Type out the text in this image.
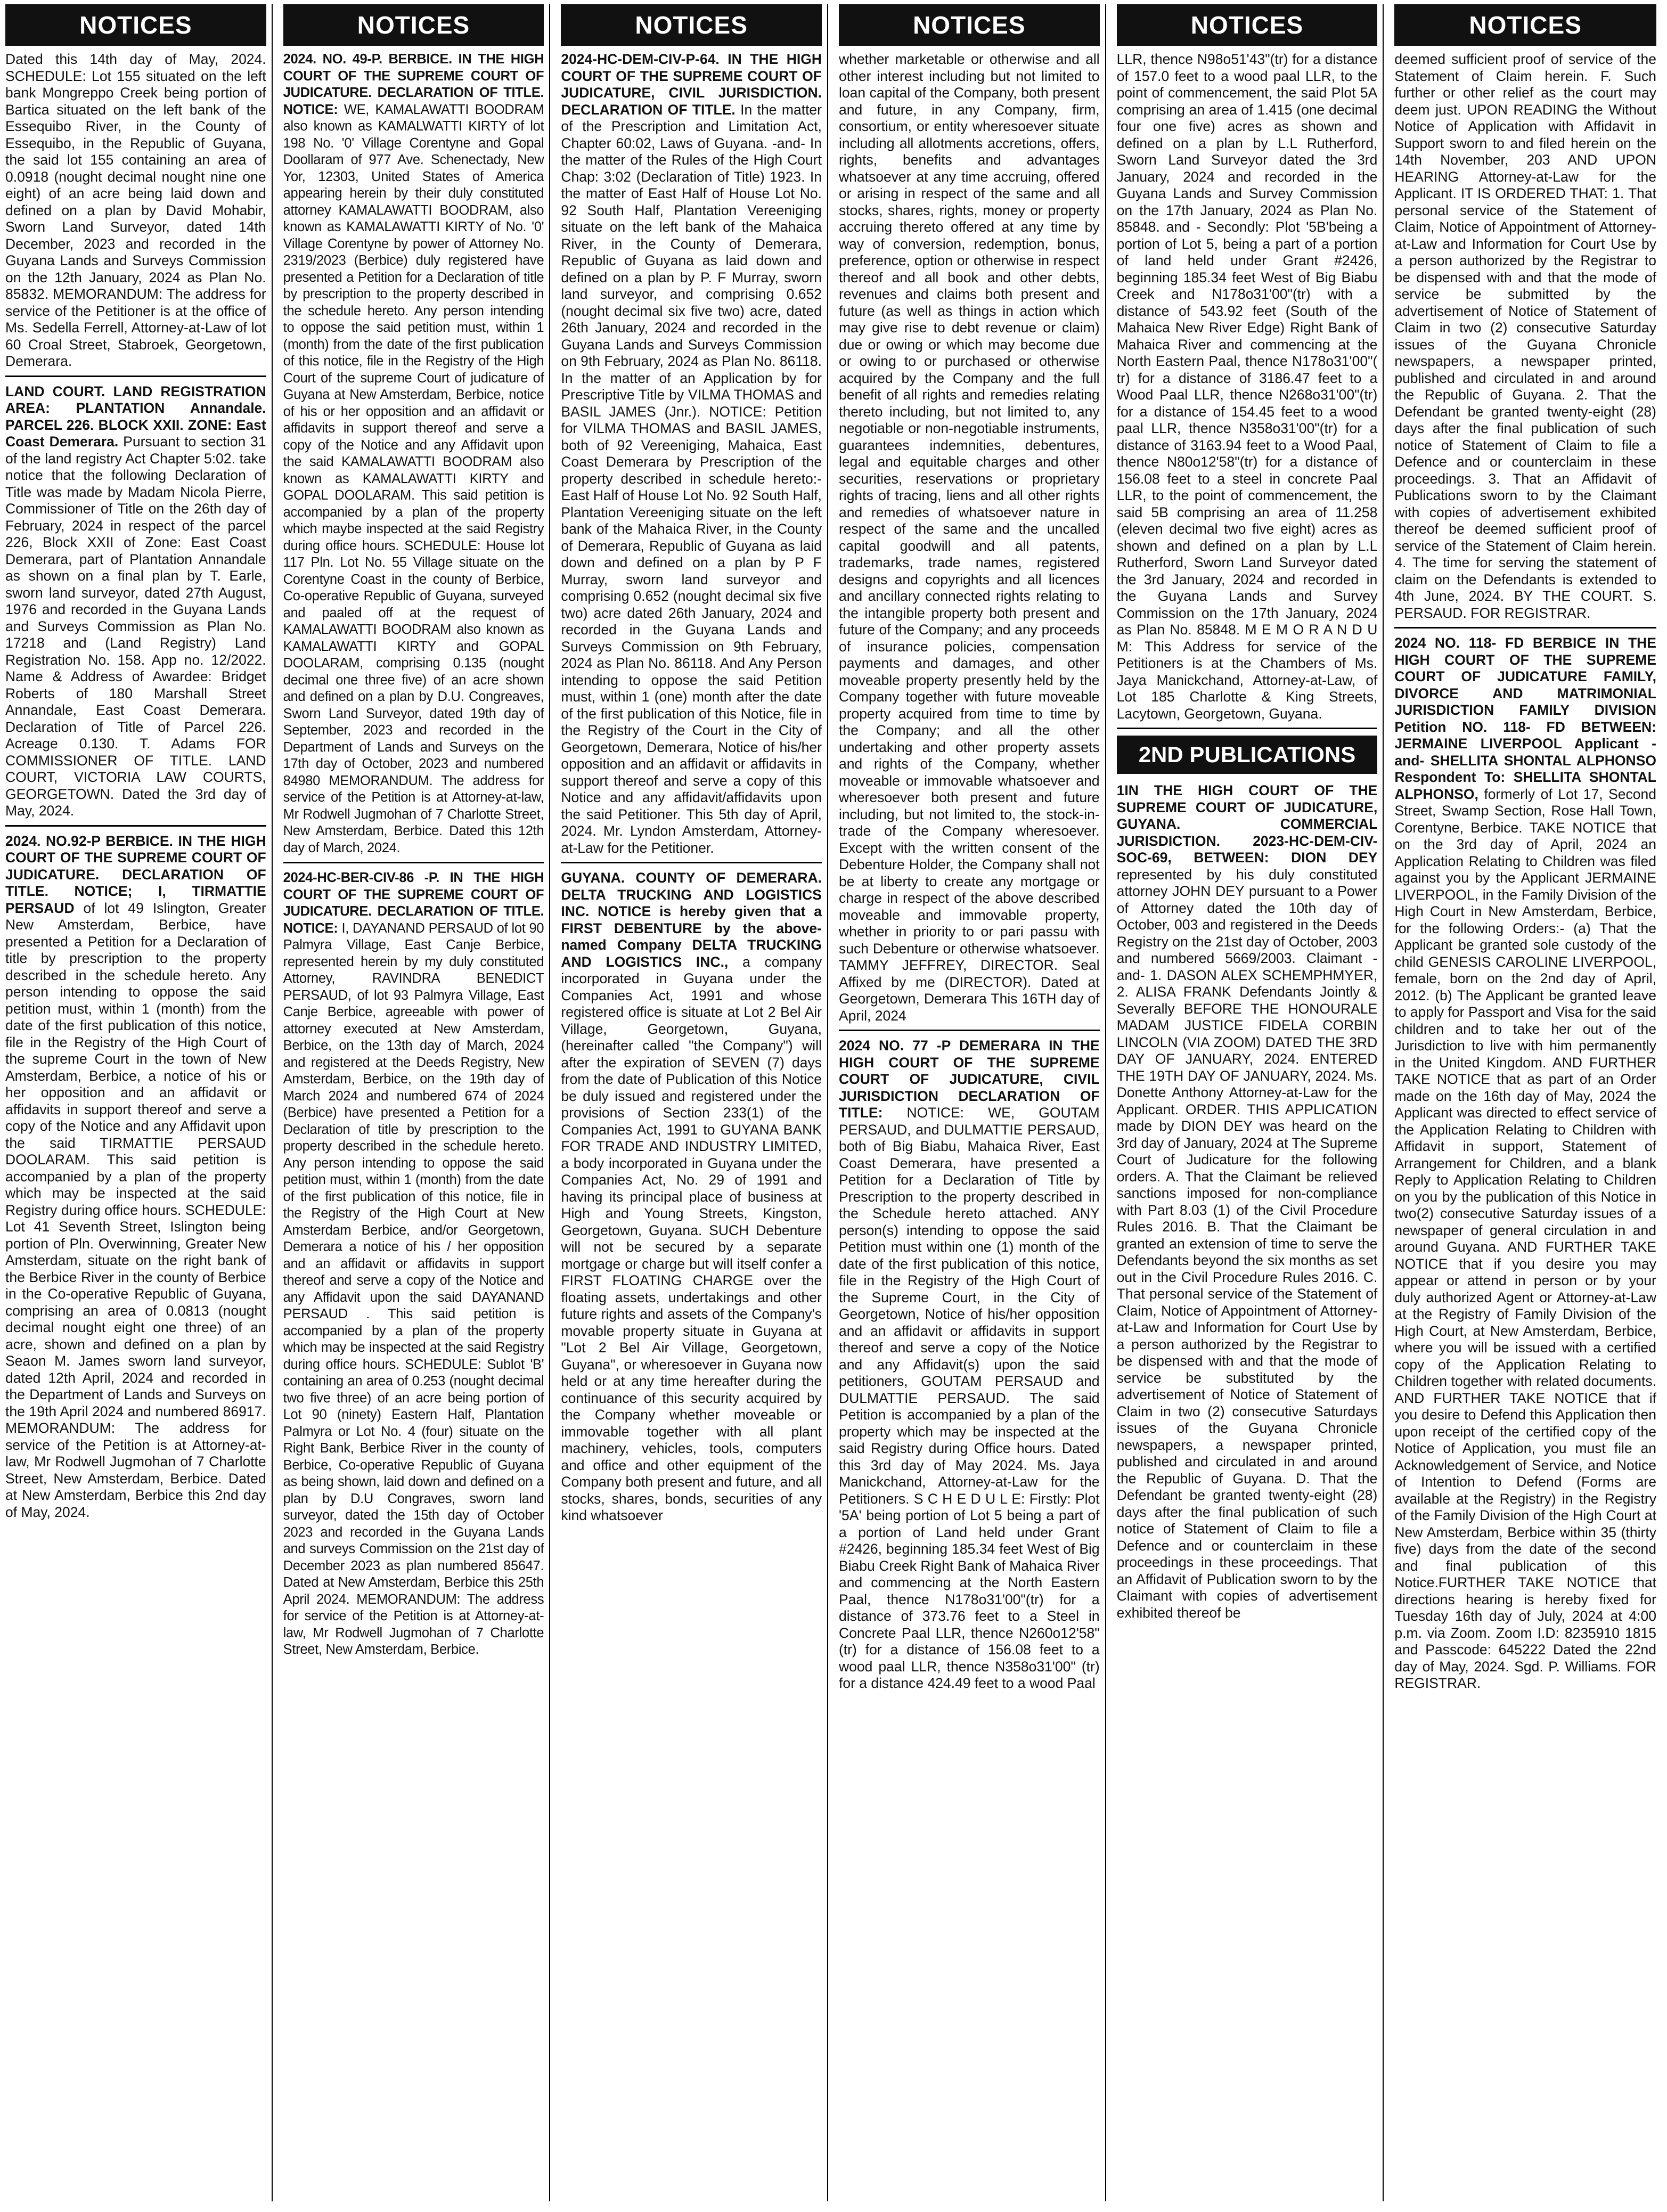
NOTICES

Dated this 14th day of May, 2024. SCHEDULE: Lot 155 situated on the left bank Mongreppo Creek being portion of Bartica situated on the left bank of the Essequibo River, in the County of Essequibo, in the Republic of Guyana, the said lot 155 containing an area of 0.0918 (nought decimal nought nine one eight) of an acre being laid down and defined on a plan by David Mohabir, Sworn Land Surveyor, dated 14th December, 2023 and recorded in the Guyana Lands and Surveys Commission on the 12th January, 2024 as Plan No. 85832. MEMORANDUM: The address for service of the Petitioner is at the office of Ms. Sedella Ferrell, Attorney-at-Law of lot 60 Croal Street, Stabroek, Georgetown, Demerara.

LAND COURT. LAND REGISTRATION AREA: PLANTATION Annandale. PARCEL 226. BLOCK XXII. ZONE: East Coast Demerara. Pursuant to section 31 of the land registry Act Chapter 5:02. take notice that the following Declaration of Title was made by Madam Nicola Pierre, Commissioner of Title on the 26th day of February, 2024 in respect of the parcel 226, Block XXII of Zone: East Coast Demerara, part of Plantation Annandale as shown on a final plan by T. Earle, sworn land surveyor, dated 27th August, 1976 and recorded in the Guyana Lands and Surveys Commission as Plan No. 17218 and (Land Registry) Land Registration No. 158. App no. 12/2022. Name & Address of Awardee: Bridget Roberts of 180 Marshall Street Annandale, East Coast Demerara. Declaration of Title of Parcel 226. Acreage 0.130. T. Adams FOR COMMISSIONER OF TITLE. LAND COURT, VICTORIA LAW COURTS, GEORGETOWN. Dated the 3rd day of May, 2024.

2024. NO.92-P BERBICE. IN THE HIGH COURT OF THE SUPREME COURT OF JUDICATURE. DECLARATION OF TITLE. NOTICE; I, TIRMATTIE PERSAUD of lot 49 Islington, Greater New Amsterdam, Berbice, have presented a Petition for a Declaration of title by prescription to the property described in the schedule hereto. Any person intending to oppose the said petition must, within 1 (month) from the date of the first publication of this notice, file in the Registry of the High Court of the supreme Court in the town of New Amsterdam, Berbice, a notice of his or her opposition and an affidavit or affidavits in support thereof and serve a copy of the Notice and any Affidavit upon the said TIRMATTIE PERSAUD DOOLARAM. This said petition is accompanied by a plan of the property which may be inspected at the said Registry during office hours. SCHEDULE: Lot 41 Seventh Street, Islington being portion of Pln. Overwinning, Greater New Amsterdam, situate on the right bank of the Berbice River in the county of Berbice in the Co-operative Republic of Guyana, comprising an area of 0.0813 (nought decimal nought eight one three) of an acre, shown and defined on a plan by Seaon M. James sworn land surveyor, dated 12th April, 2024 and recorded in the Department of Lands and Surveys on the 19th April 2024 and numbered 86917. MEMORANDUM: The address for service of the Petition is at Attorney-at-law, Mr Rodwell Jugmohan of 7 Charlotte Street, New Amsterdam, Berbice. Dated at New Amsterdam, Berbice this 2nd day of May, 2024.

NOTICES

2024. NO. 49-P. BERBICE. IN THE HIGH COURT OF THE SUPREME COURT OF JUDICATURE. DECLARATION OF TITLE. NOTICE: WE, KAMALAWATTI BOODRAM also known as KAMALWATTI KIRTY of lot 198 No. '0' Village Corentyne and Gopal Doollaram of 977 Ave. Schenectady, New Yor, 12303, United States of America appearing herein by their duly constituted attorney KAMALAWATTI BOODRAM, also known as KAMALAWATTI KIRTY of No. '0' Village Corentyne by power of Attorney No. 2319/2023 (Berbice) duly registered have presented a Petition for a Declaration of title by prescription to the property described in the schedule hereto. Any person intending to oppose the said petition must, within 1 (month) from the date of the first publication of this notice, file in the Registry of the High Court of the supreme Court of judicature of Guyana at New Amsterdam, Berbice, notice of his or her opposition and an affidavit or affidavits in support thereof and serve a copy of the Notice and any Affidavit upon the said KAMALAWATTI BOODRAM also known as KAMALAWATTI KIRTY and GOPAL DOOLARAM. This said petition is accompanied by a plan of the property which maybe inspected at the said Registry during office hours. SCHEDULE: House lot 117 Pln. Lot No. 55 Village situate on the Corentyne Coast in the county of Berbice, Co-operative Republic of Guyana, surveyed and paaled off at the request of KAMALAWATTI BOODRAM also known as KAMALAWATTI KIRTY and GOPAL DOOLARAM, comprising 0.135 (nought decimal one three five) of an acre shown and defined on a plan by D.U. Congreaves, Sworn Land Surveyor, dated 19th day of September, 2023 and recorded in the Department of Lands and Surveys on the 17th day of October, 2023 and numbered 84980 MEMORANDUM. The address for service of the Petition is at Attorney-at-law, Mr Rodwell Jugmohan of 7 Charlotte Street, New Amsterdam, Berbice. Dated this 12th day of March, 2024.

2024-HC-BER-CIV-86 -P. IN THE HIGH COURT OF THE SUPREME COURT OF JUDICATURE. DECLARATION OF TITLE. NOTICE: I, DAYANAND PERSAUD of lot 90 Palmyra Village, East Canje Berbice, represented herein by my duly constituted Attorney, RAVINDRA BENEDICT PERSAUD, of lot 93 Palmyra Village, East Canje Berbice, agreeable with power of attorney executed at New Amsterdam, Berbice, on the 13th day of March, 2024 and registered at the Deeds Registry, New Amsterdam, Berbice, on the 19th day of March 2024 and numbered 674 of 2024 (Berbice) have presented a Petition for a Declaration of title by prescription to the property described in the schedule hereto. Any person intending to oppose the said petition must, within 1 (month) from the date of the first publication of this notice, file in the Registry of the High Court at New Amsterdam Berbice, and/or Georgetown, Demerara a notice of his / her opposition and an affidavit or affidavits in support thereof and serve a copy of the Notice and any Affidavit upon the said DAYANAND PERSAUD . This said petition is accompanied by a plan of the property which may be inspected at the said Registry during office hours. SCHEDULE: Sublot 'B' containing an area of 0.253 (nought decimal two five three) of an acre being portion of Lot 90 (ninety) Eastern Half, Plantation Palmyra or Lot No. 4 (four) situate on the Right Bank, Berbice River in the county of Berbice, Co-operative Republic of Guyana as being shown, laid down and defined on a plan by D.U Congraves, sworn land surveyor, dated the 15th day of October 2023 and recorded in the Guyana Lands and surveys Commission on the 21st day of December 2023 as plan numbered 85647. Dated at New Amsterdam, Berbice this 25th April 2024. MEMORANDUM: The address for service of the Petition is at Attorney-at-law, Mr Rodwell Jugmohan of 7 Charlotte Street, New Amsterdam, Berbice.

NOTICES

2024-HC-DEM-CIV-P-64. IN THE HIGH COURT OF THE SUPREME COURT OF JUDICATURE, CIVIL JURISDICTION. DECLARATION OF TITLE. In the matter of the Prescription and Limitation Act, Chapter 60:02, Laws of Guyana. -and- In the matter of the Rules of the High Court Chap: 3:02 (Declaration of Title) 1923. In the matter of East Half of House Lot No. 92 South Half, Plantation Vereeniging situate on the left bank of the Mahaica River, in the County of Demerara, Republic of Guyana as laid down and defined on a plan by P. F Murray, sworn land surveyor, and comprising 0.652 (nought decimal six five two) acre, dated 26th January, 2024 and recorded in the Guyana Lands and Surveys Commission on 9th February, 2024 as Plan No. 86118. In the matter of an Application by for Prescriptive Title by VILMA THOMAS and BASIL JAMES (Jnr.). NOTICE: Petition for VILMA THOMAS and BASIL JAMES, both of 92 Vereeniging, Mahaica, East Coast Demerara by Prescription of the property described in schedule hereto:- East Half of House Lot No. 92 South Half, Plantation Vereeniging situate on the left bank of the Mahaica River, in the County of Demerara, Republic of Guyana as laid down and defined on a plan by P F Murray, sworn land surveyor and comprising 0.652 (nought decimal six five two) acre dated 26th January, 2024 and recorded in the Guyana Lands and Surveys Commission on 9th February, 2024 as Plan No. 86118. And Any Person intending to oppose the said Petition must, within 1 (one) month after the date of the first publication of this Notice, file in the Registry of the Court in the City of Georgetown, Demerara, Notice of his/her opposition and an affidavit or affidavits in support thereof and serve a copy of this Notice and any affidavit/affidavits upon the said Petitioner. This 5th day of April, 2024. Mr. Lyndon Amsterdam, Attorney-at-Law for the Petitioner.

GUYANA. COUNTY OF DEMERARA. DELTA TRUCKING AND LOGISTICS INC. NOTICE is hereby given that a FIRST DEBENTURE by the above-named Company DELTA TRUCKING AND LOGISTICS INC., a company incorporated in Guyana under the Companies Act, 1991 and whose registered office is situate at Lot 2 Bel Air Village, Georgetown, Guyana, (hereinafter called "the Company") will after the expiration of SEVEN (7) days from the date of Publication of this Notice be duly issued and registered under the provisions of Section 233(1) of the Companies Act, 1991 to GUYANA BANK FOR TRADE AND INDUSTRY LIMITED, a body incorporated in Guyana under the Companies Act, No. 29 of 1991 and having its principal place of business at High and Young Streets, Kingston, Georgetown, Guyana. SUCH Debenture will not be secured by a separate mortgage or charge but will itself confer a FIRST FLOATING CHARGE over the floating assets, undertakings and other future rights and assets of the Company's movable property situate in Guyana at "Lot 2 Bel Air Village, Georgetown, Guyana", or wheresoever in Guyana now held or at any time hereafter during the continuance of this security acquired by the Company whether moveable or immovable together with all plant machinery, vehicles, tools, computers and office and other equipment of the Company both present and future, and all stocks, shares, bonds, securities of any kind whatsoever

NOTICES

whether marketable or otherwise and all other interest including but not limited to loan capital of the Company, both present and future, in any Company, firm, consortium, or entity wheresoever situate including all allotments accretions, offers, rights, benefits and advantages whatsoever at any time accruing, offered or arising in respect of the same and all stocks, shares, rights, money or property accruing thereto offered at any time by way of conversion, redemption, bonus, preference, option or otherwise in respect thereof and all book and other debts, revenues and claims both present and future (as well as things in action which may give rise to debt revenue or claim) due or owing or which may become due or owing to or purchased or otherwise acquired by the Company and the full benefit of all rights and remedies relating thereto including, but not limited to, any negotiable or non-negotiable instruments, guarantees indemnities, debentures, legal and equitable charges and other securities, reservations or proprietary rights of tracing, liens and all other rights and remedies of whatsoever nature in respect of the same and the uncalled capital goodwill and all patents, trademarks, trade names, registered designs and copyrights and all licences and ancillary connected rights relating to the intangible property both present and future of the Company; and any proceeds of insurance policies, compensation payments and damages, and other moveable property presently held by the Company together with future moveable property acquired from time to time by the Company; and all the other undertaking and other property assets and rights of the Company, whether moveable or immovable whatsoever and wheresoever both present and future including, but not limited to, the stock-in-trade of the Company wheresoever. Except with the written consent of the Debenture Holder, the Company shall not be at liberty to create any mortgage or charge in respect of the above described moveable and immovable property, whether in priority to or pari passu with such Debenture or otherwise whatsoever. TAMMY JEFFREY, DIRECTOR. Seal Affixed by me (DIRECTOR). Dated at Georgetown, Demerara This 16TH day of April, 2024

2024 NO. 77 -P DEMERARA IN THE HIGH COURT OF THE SUPREME COURT OF JUDICATURE, CIVIL JURISDICTION DECLARATION OF TITLE: NOTICE: WE, GOUTAM PERSAUD, and DULMATTIE PERSAUD, both of Big Biabu, Mahaica River, East Coast Demerara, have presented a Petition for a Declaration of Title by Prescription to the property described in the Schedule hereto attached. ANY person(s) intending to oppose the said Petition must within one (1) month of the date of the first publication of this notice, file in the Registry of the High Court of the Supreme Court, in the City of Georgetown, Notice of his/her opposition and an affidavit or affidavits in support thereof and serve a copy of the Notice and any Affidavit(s) upon the said petitioners, GOUTAM PERSAUD and DULMATTIE PERSAUD. The said Petition is accompanied by a plan of the property which may be inspected at the said Registry during Office hours. Dated this 3rd day of May 2024. Ms. Jaya Manickchand, Attorney-at-Law for the Petitioners. S C H E D U L E: Firstly: Plot '5A' being portion of Lot 5 being a part of a portion of Land held under Grant #2426, beginning 185.34 feet West of Big Biabu Creek Right Bank of Mahaica River and commencing at the North Eastern Paal, thence N178o31'00"(tr) for a distance of 373.76 feet to a Steel in Concrete Paal LLR, thence N260o12'58" (tr) for a distance of 156.08 feet to a wood paal LLR, thence N358o31'00" (tr) for a distance 424.49 feet to a wood Paal

NOTICES

LLR, thence N98o51'43"(tr) for a distance of 157.0 feet to a wood paal LLR, to the point of commencement, the said Plot 5A comprising an area of 1.415 (one decimal four one five) acres as shown and defined on a plan by L.L Rutherford, Sworn Land Surveyor dated the 3rd January, 2024 and recorded in the Guyana Lands and Survey Commission on the 17th January, 2024 as Plan No. 85848. and - Secondly: Plot '5B'being a portion of Lot 5, being a part of a portion of land held under Grant #2426, beginning 185.34 feet West of Big Biabu Creek and N178o31'00"(tr) with a distance of 543.92 feet (South of the Mahaica New River Edge) Right Bank of Mahaica River and commencing at the North Eastern Paal, thence N178o31'00"( tr) for a distance of 3186.47 feet to a Wood Paal LLR, thence N268o31'00"(tr) for a distance of 154.45 feet to a wood paal LLR, thence N358o31'00"(tr) for a distance of 3163.94 feet to a Wood Paal, thence N80o12'58"(tr) for a distance of 156.08 feet to a steel in concrete Paal LLR, to the point of commencement, the said 5B comprising an area of 11.258 (eleven decimal two five eight) acres as shown and defined on a plan by L.L Rutherford, Sworn Land Surveyor dated the 3rd January, 2024 and recorded in the Guyana Lands and Survey Commission on the 17th January, 2024 as Plan No. 85848. M E M O R A N D U M: This Address for service of the Petitioners is at the Chambers of Ms. Jaya Manickchand, Attorney-at-Law, of Lot 185 Charlotte & King Streets, Lacytown, Georgetown, Guyana.

2ND PUBLICATIONS

1IN THE HIGH COURT OF THE SUPREME COURT OF JUDICATURE, GUYANA. COMMERCIAL JURISDICTION. 2023-HC-DEM-CIV-SOC-69, BETWEEN: DION DEY represented by his duly constituted attorney JOHN DEY pursuant to a Power of Attorney dated the 10th day of October, 003 and registered in the Deeds Registry on the 21st day of October, 2003 and numbered 5669/2003. Claimant -and- 1. DASON ALEX SCHEMPHMYER, 2. ALISA FRANK Defendants Jointly & Severally BEFORE THE HONOURALE MADAM JUSTICE FIDELA CORBIN LINCOLN (VIA ZOOM) DATED THE 3RD DAY OF JANUARY, 2024. ENTERED THE 19TH DAY OF JANUARY, 2024. Ms. Donette Anthony Attorney-at-Law for the Applicant. ORDER. THIS APPLICATION made by DION DEY was heard on the 3rd day of January, 2024 at The Supreme Court of Judicature for the following orders. A. That the Claimant be relieved sanctions imposed for non-compliance with Part 8.03 (1) of the Civil Procedure Rules 2016. B. That the Claimant be granted an extension of time to serve the Defendants beyond the six months as set out in the Civil Procedure Rules 2016. C. That personal service of the Statement of Claim, Notice of Appointment of Attorney-at-Law and Information for Court Use by a person authorized by the Registrar to be dispensed with and that the mode of service be substituted by the advertisement of Notice of Statement of Claim in two (2) consecutive Saturdays issues of the Guyana Chronicle newspapers, a newspaper printed, published and circulated in and around the Republic of Guyana. D. That the Defendant be granted twenty-eight (28) days after the final publication of such notice of Statement of Claim to file a Defence and or counterclaim in these proceedings in these proceedings. That an Affidavit of Publication sworn to by the Claimant with copies of advertisement exhibited thereof be

NOTICES

deemed sufficient proof of service of the Statement of Claim herein. F. Such further or other relief as the court may deem just. UPON READING the Without Notice of Application with Affidavit in Support sworn to and filed herein on the 14th November, 203 AND UPON HEARING Attorney-at-Law for the Applicant. IT IS ORDERED THAT: 1. That personal service of the Statement of Claim, Notice of Appointment of Attorney-at-Law and Information for Court Use by a person authorized by the Registrar to be dispensed with and that the mode of service be submitted by the advertisement of Notice of Statement of Claim in two (2) consecutive Saturday issues of the Guyana Chronicle newspapers, a newspaper printed, published and circulated in and around the Republic of Guyana. 2. That the Defendant be granted twenty-eight (28) days after the final publication of such notice of Statement of Claim to file a Defence and or counterclaim in these proceedings. 3. That an Affidavit of Publications sworn to by the Claimant with copies of advertisement exhibited thereof be deemed sufficient proof of service of the Statement of Claim herein. 4. The time for serving the statement of claim on the Defendants is extended to 4th June, 2024. BY THE COURT. S. PERSAUD. FOR REGISTRAR.

2024 NO. 118- FD BERBICE IN THE HIGH COURT OF THE SUPREME COURT OF JUDICATURE FAMILY, DIVORCE AND MATRIMONIAL JURISDICTION FAMILY DIVISION Petition NO. 118- FD BETWEEN: JERMAINE LIVERPOOL Applicant -and- SHELLITA SHONTAL ALPHONSO Respondent To: SHELLITA SHONTAL ALPHONSO, formerly of Lot 17, Second Street, Swamp Section, Rose Hall Town, Corentyne, Berbice. TAKE NOTICE that on the 3rd day of April, 2024 an Application Relating to Children was filed against you by the Applicant JERMAINE LIVERPOOL, in the Family Division of the High Court in New Amsterdam, Berbice, for the following Orders:- (a) That the Applicant be granted sole custody of the child GENESIS CAROLINE LIVERPOOL, female, born on the 2nd day of April, 2012. (b) The Applicant be granted leave to apply for Passport and Visa for the said children and to take her out of the Jurisdiction to live with him permanently in the United Kingdom. AND FURTHER TAKE NOTICE that as part of an Order made on the 16th day of May, 2024 the Applicant was directed to effect service of the Application Relating to Children with Affidavit in support, Statement of Arrangement for Children, and a blank Reply to Application Relating to Children on you by the publication of this Notice in two(2) consecutive Saturday issues of a newspaper of general circulation in and around Guyana. AND FURTHER TAKE NOTICE that if you desire you may appear or attend in person or by your duly authorized Agent or Attorney-at-Law at the Registry of Family Division of the High Court, at New Amsterdam, Berbice, where you will be issued with a certified copy of the Application Relating to Children together with related documents. AND FURTHER TAKE NOTICE that if you desire to Defend this Application then upon receipt of the certified copy of the Notice of Application, you must file an Acknowledgement of Service, and Notice of Intention to Defend (Forms are available at the Registry) in the Registry of the Family Division of the High Court at New Amsterdam, Berbice within 35 (thirty five) days from the date of the second and final publication of this Notice.FURTHER TAKE NOTICE that directions hearing is hereby fixed for Tuesday 16th day of July, 2024 at 4:00 p.m. via Zoom. Zoom I.D: 8235910 1815 and Passcode: 645222 Dated the 22nd day of May, 2024. Sgd. P. Williams. FOR REGISTRAR.
